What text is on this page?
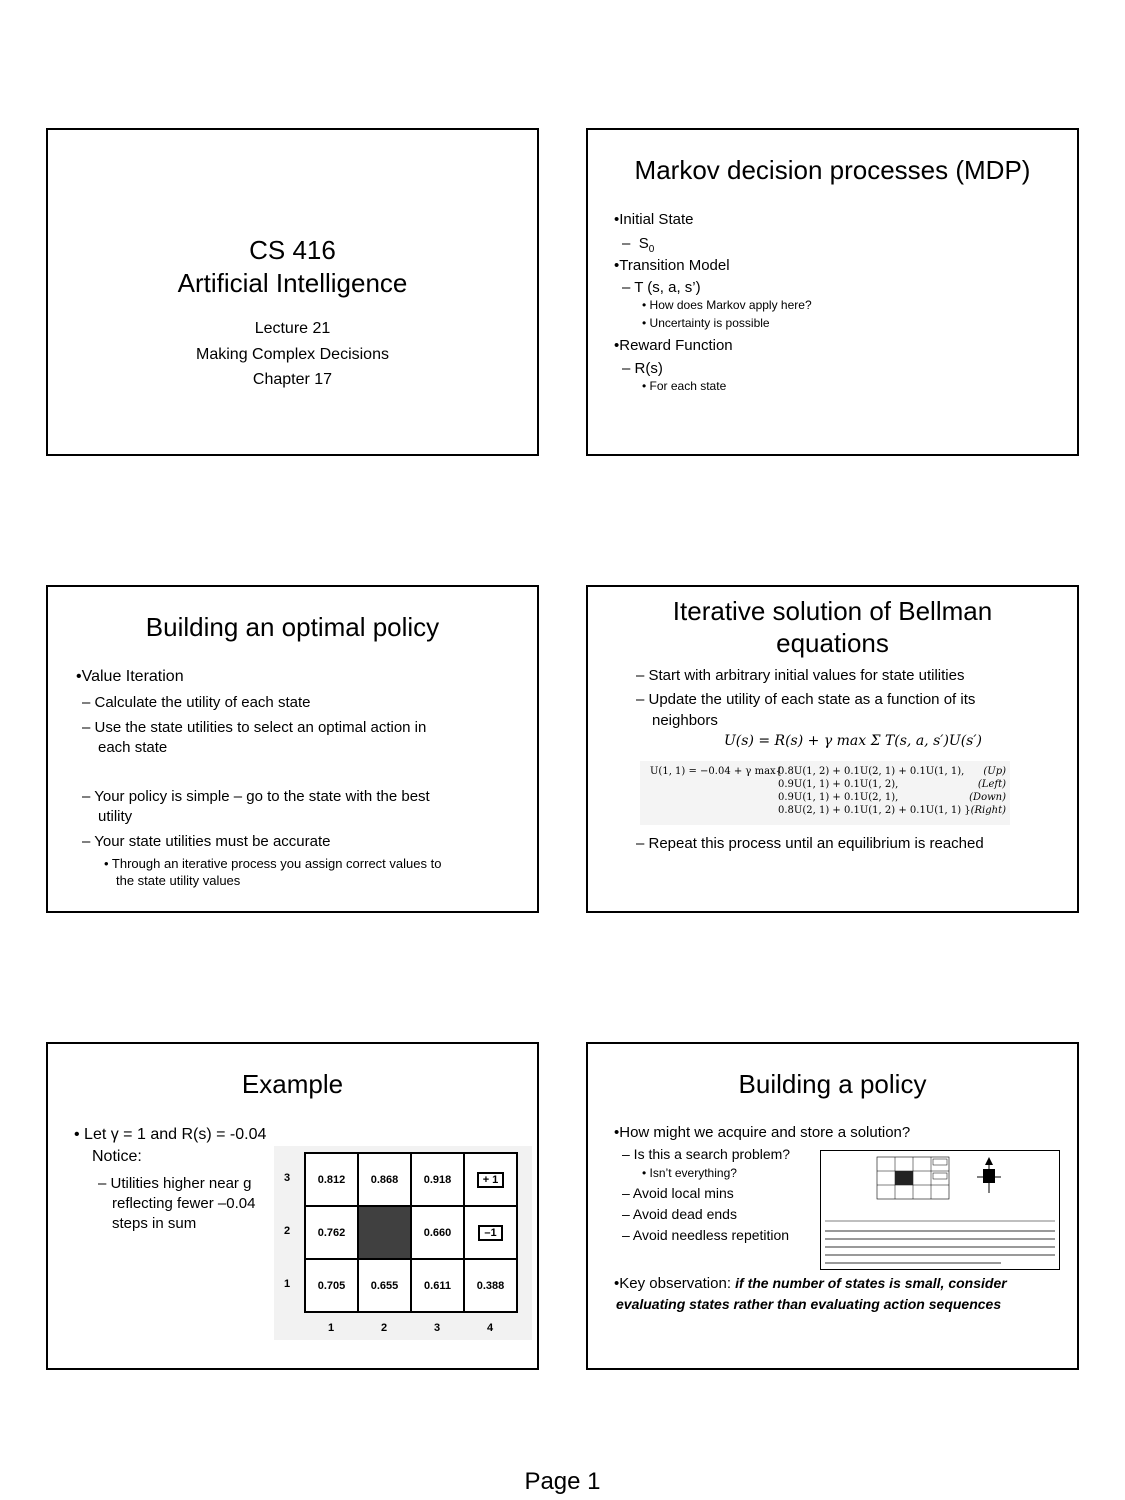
CS 416
Artificial Intelligence
Lecture 21
Making Complex Decisions
Chapter 17
Markov decision processes (MDP)
•Initial State
– $S_0$
•Transition Model
– T (s, a, s’)
• How does Markov apply here?
• Uncertainty is possible
•Reward Function
– R(s)
• For each state
Building an optimal policy
•Value Iteration
– Calculate the utility of each state
– Use the state utilities to select an optimal action in
each state
– Your policy is simple – go to the state with the best
utility
– Your state utilities must be accurate
• Through an iterative process you assign correct values to
the state utility values
Iterative solution of Bellman
equations
– Start with arbitrary initial values for state utilities
– Update the utility of each state as a function of its
neighbors
U(s) = R(s) + γ max Σ T(s, a, s′)U(s′)
U(1, 1) = −0.04 + γ max{
0.8U(1, 2) + 0.1U(2, 1) + 0.1U(1, 1), (Up)
0.9U(1, 1) + 0.1U(1, 2),	(Left)
0.9U(1, 1) + 0.1U(2, 1),	(Down)
0.8U(2, 1) + 0.1U(1, 2) + 0.1U(1, 1) } (Right)
– Repeat this process until an equilibrium is reached
Example
• Let γ = 1 and R(s) = -0.04
Notice:
– Utilities higher near g
reflecting fewer –0.04
steps in sum
3
2
1
0.812	0.868	0.918	+ 1
0.762		0.660	–1
0.705	0.655	0.611	0.388
1	2	3	4
Building a policy
•How might we acquire and store a solution?
– Is this a search problem?
• Isn’t everything?
– Avoid local mins
– Avoid dead ends
– Avoid needless repetition
•Key observation: if the number of states is small, consider
evaluating states rather than evaluating action sequences
Page 1
